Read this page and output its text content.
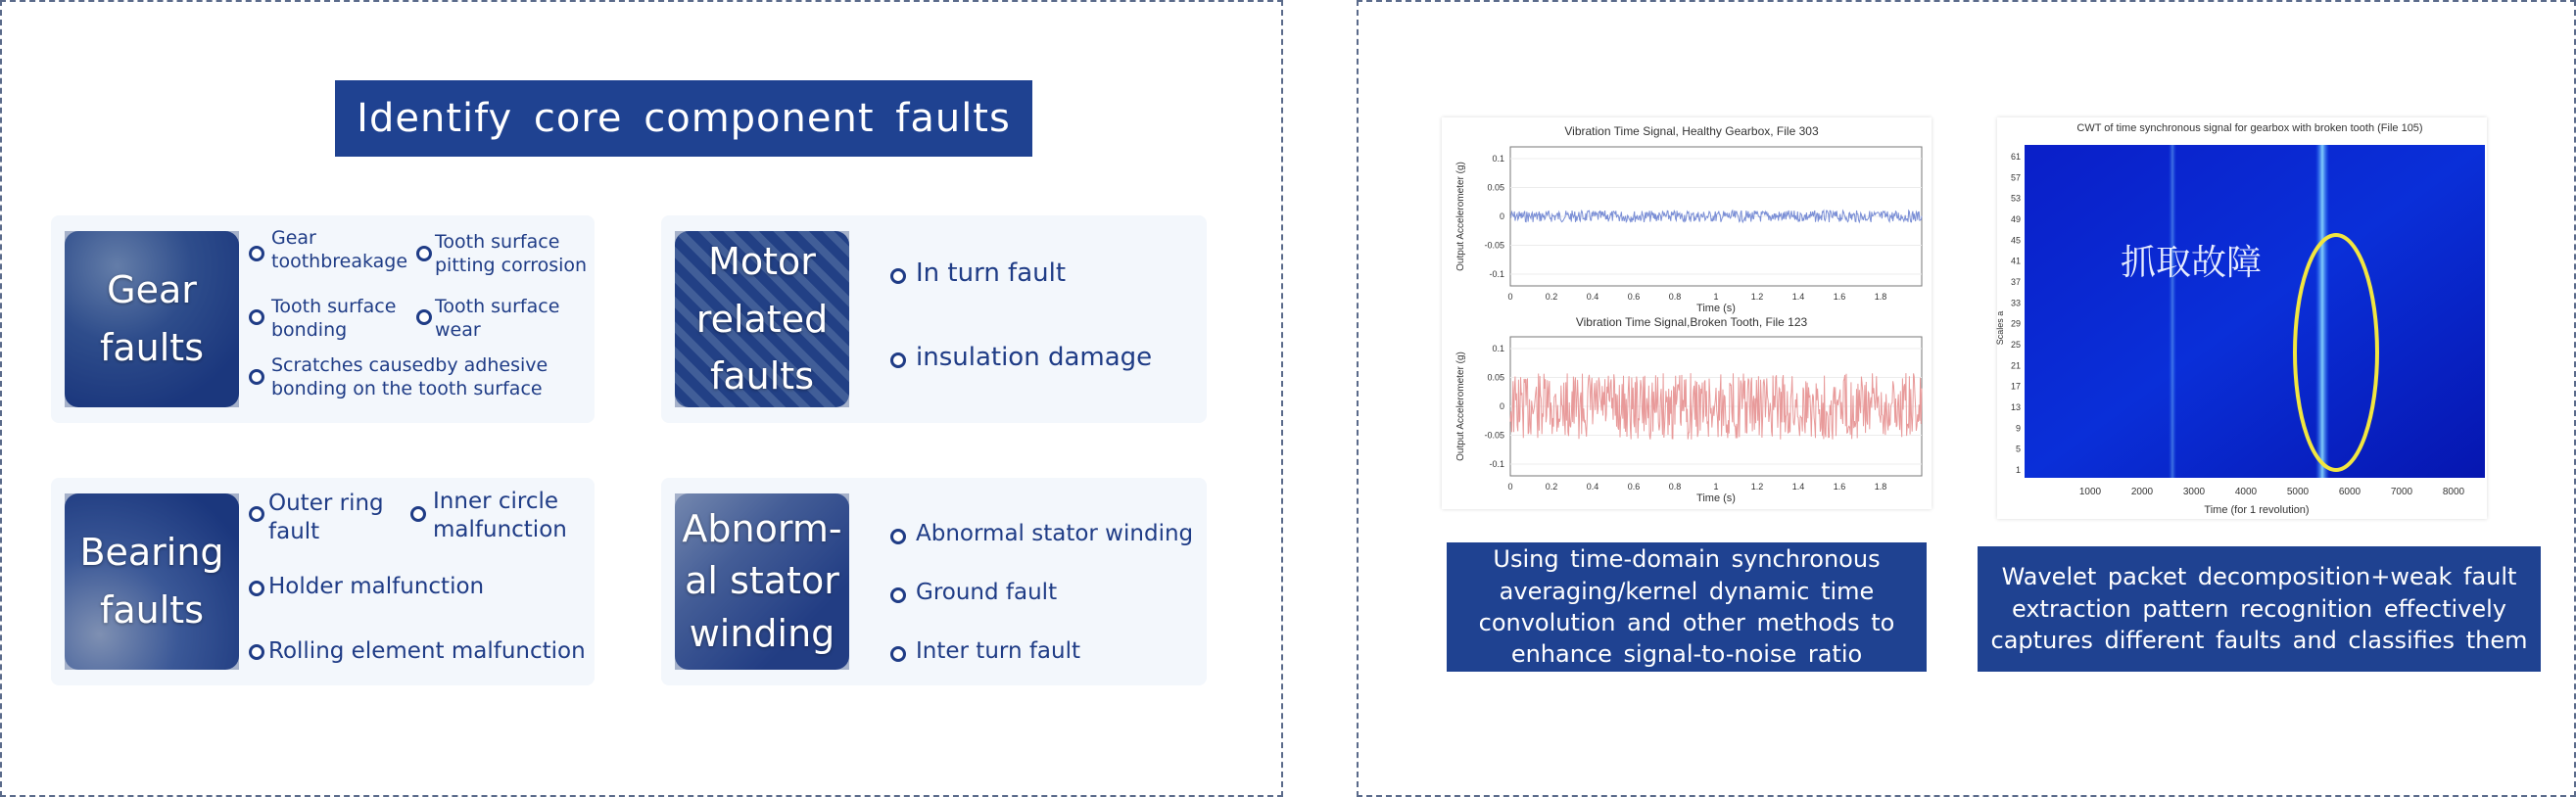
Identify core component faults
Gear
faults
Gear toothbreakage
Tooth surface pitting corrosion
Tooth surface bonding
Tooth surface wear
Scratches causedby adhesive bonding on the tooth surface
Motor
related
faults
In turn fault
insulation damage
Bearing
faults
Outer ring fault
Inner circle malfunction
Holder malfunction
Rolling element malfunction
Abnorm-
al stator
winding
Abnormal stator winding
Ground fault
Inter turn fault
Vibration Time Signal, Healthy Gearbox, File 303
0.1
0.05
0
-0.05
-0.1
0	0.2	0.4	0.6	0.8	1	1.2	1.4	1.6	1.8
Time (s)
Output Accelerometer (g)
Vibration Time Signal,Broken Tooth, File 123
0.1
0.05
0
-0.05
-0.1
0	0.2	0.4	0.6	0.8	1	1.2	1.4	1.6	1.8
Time (s)
Output Accelerometer (g)
CWT of time synchronous signal for gearbox with broken tooth (File 105)
61
57
53
49
45
41
37
33
29
25
21
17
13
9
5
1
1000	2000	3000	4000	5000	6000	7000	8000
抓取故障
Time (for 1 revolution)
Scales a
Using time-domain synchronous averaging/kernel dynamic time convolution and other methods to enhance signal-to-noise ratio
Wavelet packet decomposition+weak fault extraction pattern recognition effectively captures different faults and classifies them
